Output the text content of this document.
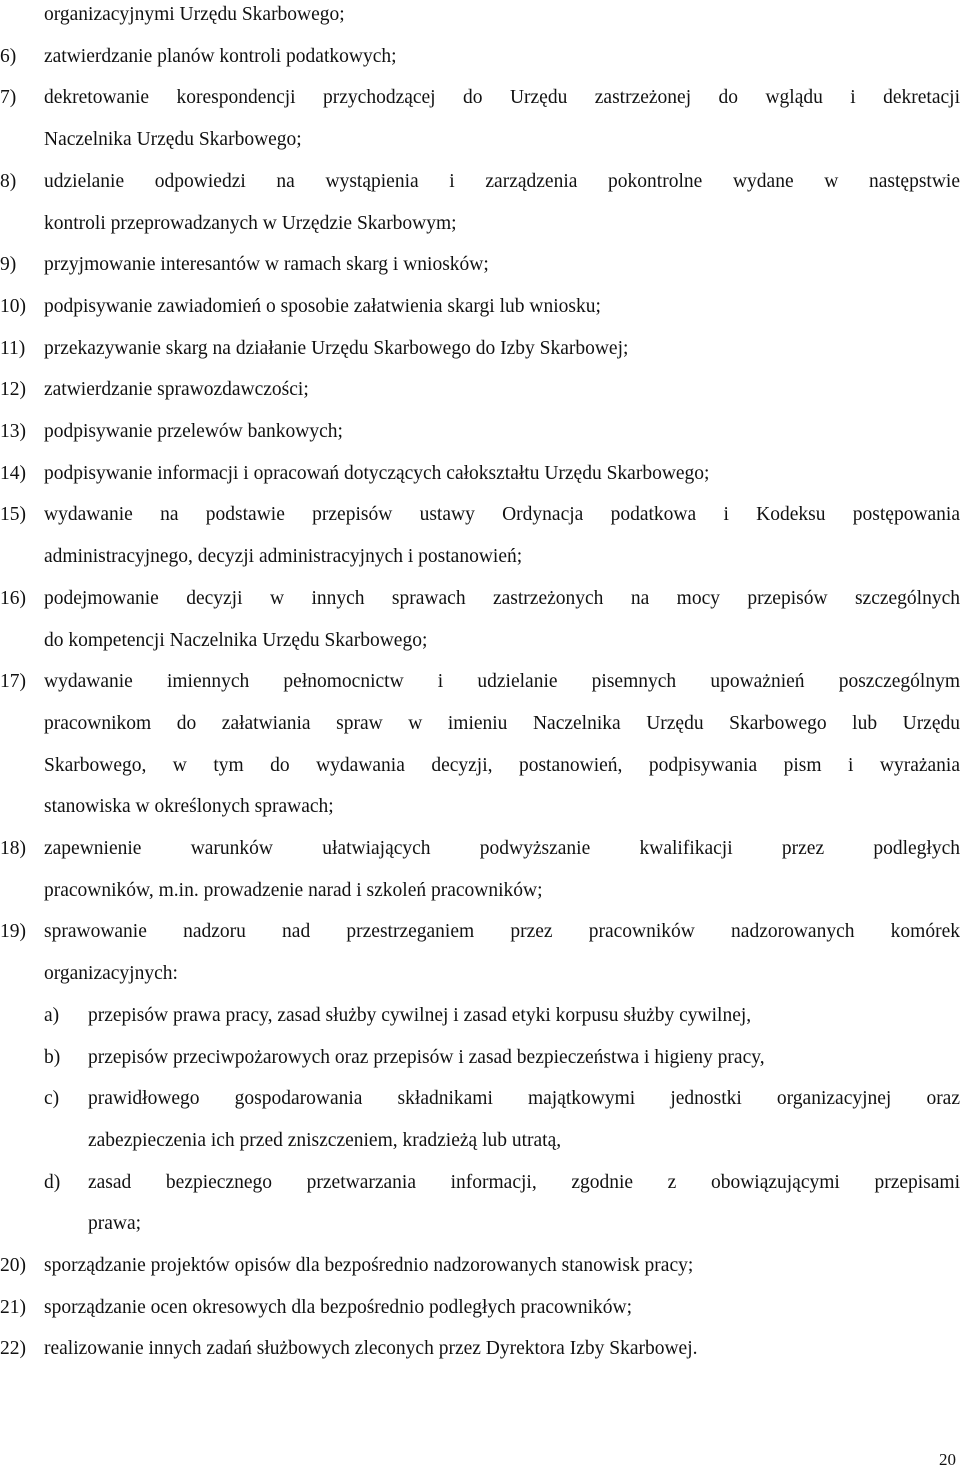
organizacyjnymi Urzędu Skarbowego;
6)	zatwierdzanie planów kontroli podatkowych;
7)	dekretowanie korespondencji przychodzącej do Urzędu zastrzeżonej do wglądu i dekretacji
Naczelnika Urzędu Skarbowego;
8)	udzielanie odpowiedzi na wystąpienia i zarządzenia pokontrolne wydane w następstwie
kontroli przeprowadzanych w Urzędzie Skarbowym;
9)	przyjmowanie interesantów w ramach skarg i wniosków;
10) podpisywanie zawiadomień o sposobie załatwienia skargi lub wniosku;
11) przekazywanie skarg na działanie Urzędu Skarbowego do Izby Skarbowej;
12) zatwierdzanie sprawozdawczości;
13) podpisywanie przelewów bankowych;
14) podpisywanie informacji i opracowań dotyczących całokształtu Urzędu Skarbowego;
15) wydawanie na podstawie przepisów ustawy Ordynacja podatkowa i Kodeksu postępowania
administracyjnego, decyzji administracyjnych i postanowień;
16) podejmowanie decyzji w innych sprawach zastrzeżonych na mocy przepisów szczególnych
do kompetencji Naczelnika Urzędu Skarbowego;
17) wydawanie imiennych pełnomocnictw i udzielanie pisemnych upoważnień poszczególnym
pracownikom do załatwiania spraw w imieniu Naczelnika Urzędu Skarbowego lub Urzędu
Skarbowego, w tym do wydawania decyzji, postanowień, podpisywania pism i wyrażania
stanowiska w określonych sprawach;
18) zapewnienie warunków ułatwiających podwyższanie kwalifikacji przez podległych
pracowników, m.in. prowadzenie narad i szkoleń pracowników;
19) sprawowanie nadzoru nad przestrzeganiem przez pracowników nadzorowanych komórek
organizacyjnych:
a)	przepisów prawa pracy, zasad służby cywilnej i zasad etyki korpusu służby cywilnej,
b)	przepisów przeciwpożarowych oraz przepisów i zasad bezpieczeństwa i higieny pracy,
c)	prawidłowego gospodarowania składnikami majątkowymi jednostki organizacyjnej oraz
zabezpieczenia ich przed zniszczeniem, kradzieżą lub utratą,
d)	zasad bezpiecznego przetwarzania informacji, zgodnie z obowiązującymi przepisami
prawa;
20) sporządzanie projektów opisów dla bezpośrednio nadzorowanych stanowisk pracy;
21) sporządzanie ocen okresowych dla bezpośrednio podległych pracowników;
22) realizowanie innych zadań służbowych zleconych przez Dyrektora Izby Skarbowej.
20
